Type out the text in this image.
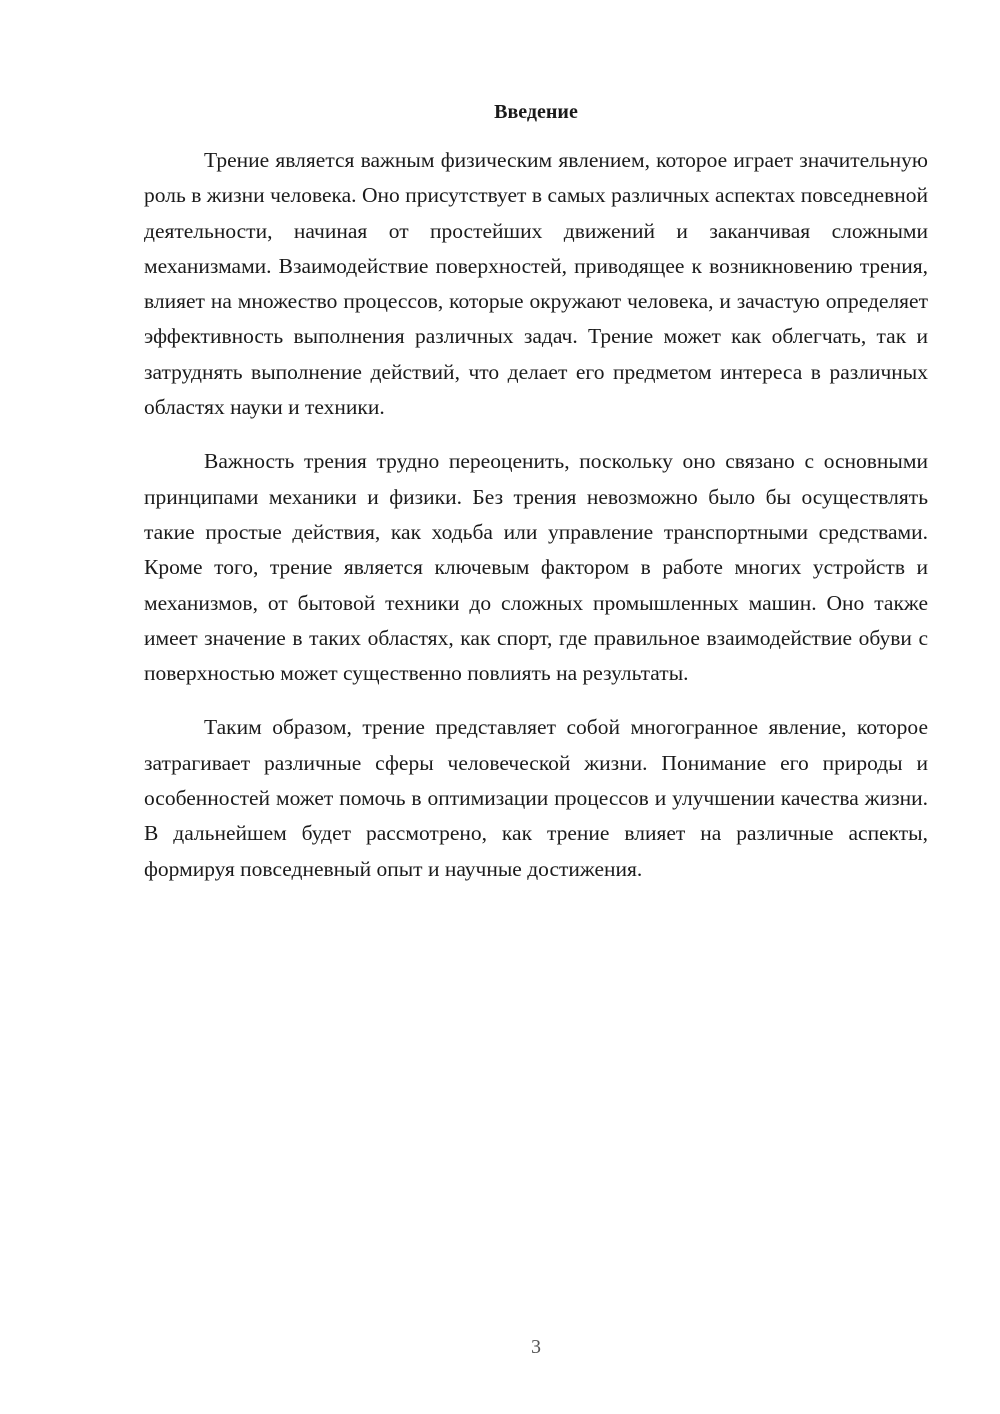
Введение

Трение является важным физическим явлением, которое играет значительную роль в жизни человека. Оно присутствует в самых различных аспектах повседневной деятельности, начиная от простейших движений и заканчивая сложными механизмами. Взаимодействие поверхностей, приводящее к возникновению трения, влияет на множество процессов, которые окружают человека, и зачастую определяет эффективность выполнения различных задач. Трение может как облегчать, так и затруднять выполнение действий, что делает его предметом интереса в различных областях науки и техники.

Важность трения трудно переоценить, поскольку оно связано с основными принципами механики и физики. Без трения невозможно было бы осуществлять такие простые действия, как ходьба или управление транспортными средствами. Кроме того, трение является ключевым фактором в работе многих устройств и механизмов, от бытовой техники до сложных промышленных машин. Оно также имеет значение в таких областях, как спорт, где правильное взаимодействие обуви с поверхностью может существенно повлиять на результаты.

Таким образом, трение представляет собой многогранное явление, которое затрагивает различные сферы человеческой жизни. Понимание его природы и особенностей может помочь в оптимизации процессов и улучшении качества жизни. В дальнейшем будет рассмотрено, как трение влияет на различные аспекты, формируя повседневный опыт и научные достижения.

3
